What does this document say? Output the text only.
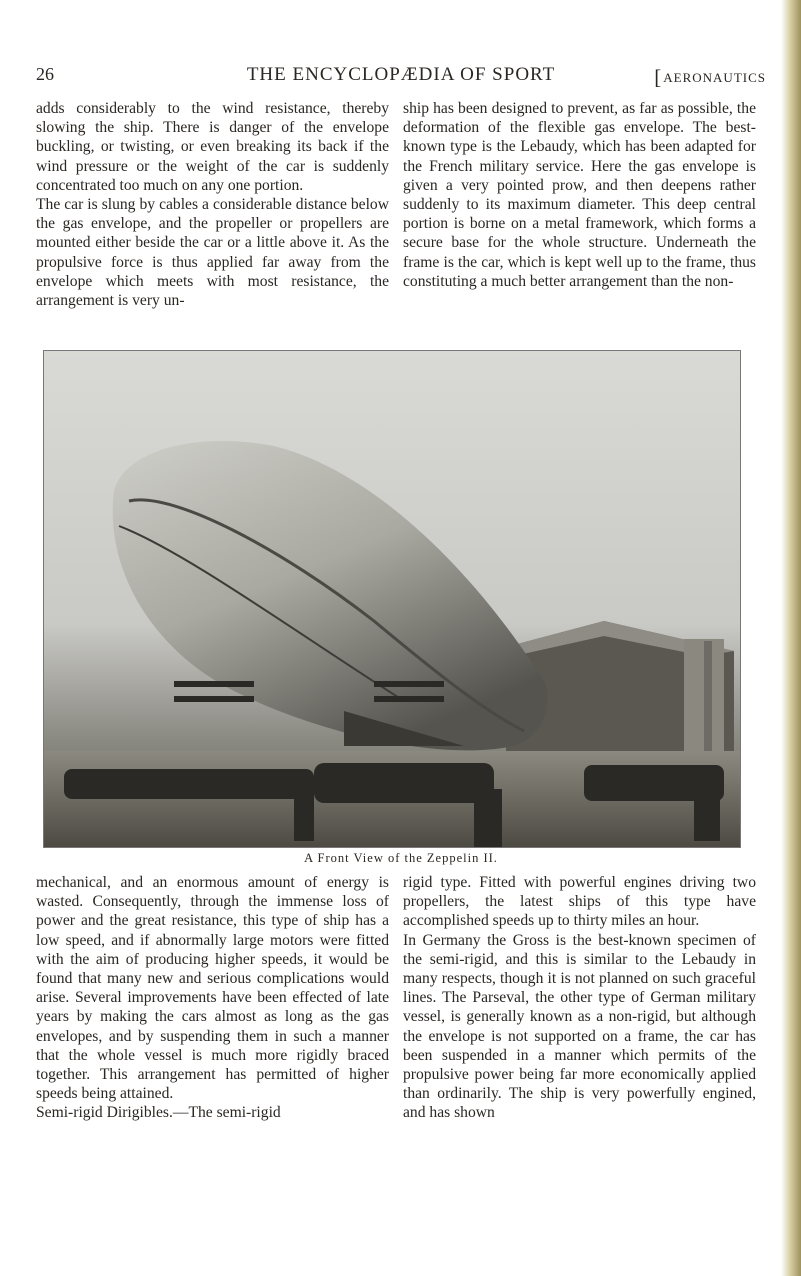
THE ENCYCLOPÆDIA OF SPORT
26	[AERONAUTICS

adds considerably to the wind resistance, thereby slowing the ship. There is danger of the envelope buckling, or twisting, or even breaking its back if the wind pressure or the weight of the car is suddenly concentrated too much on any one portion.

The car is slung by cables a considerable distance below the gas envelope, and the propeller or propellers are mounted either beside the car or a little above it. As the propulsive force is thus applied far away from the envelope which meets with most resistance, the arrangement is very un-

ship has been designed to prevent, as far as possible, the deformation of the flexible gas envelope. The best-known type is the Lebaudy, which has been adapted for the French military service. Here the gas envelope is given a very pointed prow, and then deepens rather suddenly to its maximum diameter. This deep central portion is borne on a metal framework, which forms a secure base for the whole structure. Underneath the frame is the car, which is kept well up to the frame, thus constituting a much better arrangement than the non-

A Front View of the Zeppelin II.

mechanical, and an enormous amount of energy is wasted. Consequently, through the immense loss of power and the great resistance, this type of ship has a low speed, and if abnormally large motors were fitted with the aim of producing higher speeds, it would be found that many new and serious complications would arise. Several improvements have been effected of late years by making the cars almost as long as the gas envelopes, and by suspending them in such a manner that the whole vessel is much more rigidly braced together. This arrangement has permitted of higher speeds being attained.

Semi-rigid Dirigibles.—The semi-rigid

rigid type. Fitted with powerful engines driving two propellers, the latest ships of this type have accomplished speeds up to thirty miles an hour.

In Germany the Gross is the best-known specimen of the semi-rigid, and this is similar to the Lebaudy in many respects, though it is not planned on such graceful lines. The Parseval, the other type of German military vessel, is generally known as a non-rigid, but although the envelope is not supported on a frame, the car has been suspended in a manner which permits of the propulsive power being far more economically applied than ordinarily. The ship is very powerfully engined, and has shown
